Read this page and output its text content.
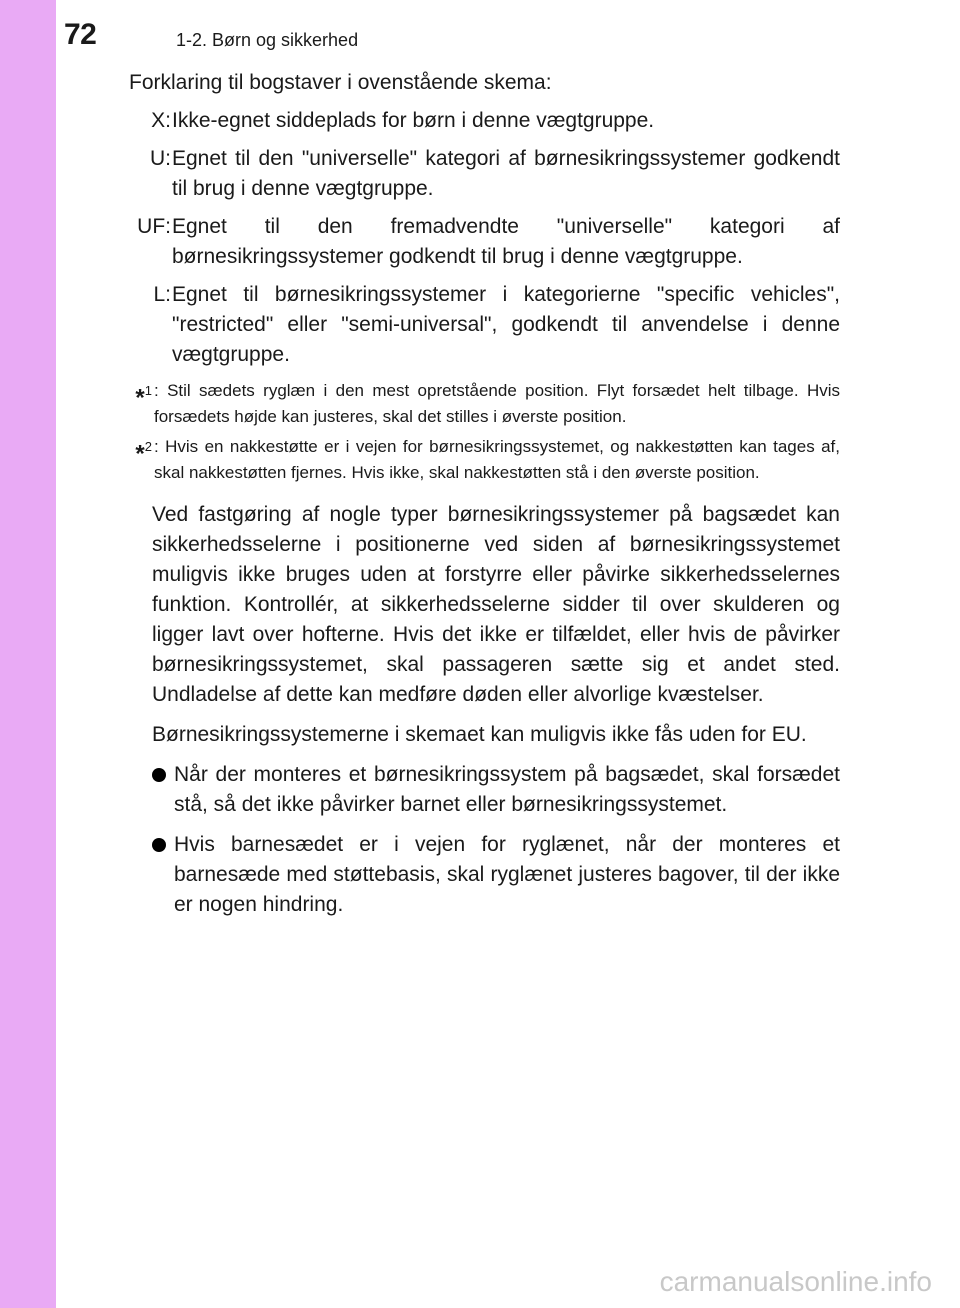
72	1-2. Børn og sikkerhed
Forklaring til bogstaver i ovenstående skema:
X: Ikke-egnet siddeplads for børn i denne vægtgruppe.
U: Egnet til den "universelle" kategori af børnesikringssystemer godkendt til brug i denne vægtgruppe.
UF: Egnet til den fremadvendte "universelle" kategori af børnesikringssystemer godkendt til brug i denne vægtgruppe.
L: Egnet til børnesikringssystemer i kategorierne "specific vehicles", "restricted" eller "semi-universal", godkendt til anvendelse i denne vægtgruppe.
*$^1$ : Stil sædets ryglæn i den mest opretstående position. Flyt forsædet helt tilbage. Hvis forsædets højde kan justeres, skal det stilles i øverste position.
*$^2$ : Hvis en nakkestøtte er i vejen for børnesikringssystemet, og nakkestøtten kan tages af, skal nakkestøtten fjernes. Hvis ikke, skal nakkestøtten stå i den øverste position.
Ved fastgøring af nogle typer børnesikringssystemer på bagsædet kan sikkerhedsselerne i positionerne ved siden af børnesikringssystemet muligvis ikke bruges uden at forstyrre eller påvirke sikkerhedsselernes funktion. Kontrollér, at sikkerhedsselerne sidder til over skulderen og ligger lavt over hofterne. Hvis det ikke er tilfældet, eller hvis de påvirker børnesikringssystemet, skal passageren sætte sig et andet sted. Undladelse af dette kan medføre døden eller alvorlige kvæstelser.
Børnesikringssystemerne i skemaet kan muligvis ikke fås uden for EU.
Når der monteres et børnesikringssystem på bagsædet, skal forsædet stå, så det ikke påvirker barnet eller børnesikringssystemet.
Hvis barnesædet er i vejen for ryglænet, når der monteres et barnesæde med støttebasis, skal ryglænet justeres bagover, til der ikke er nogen hindring.
carmanualsonline.info
